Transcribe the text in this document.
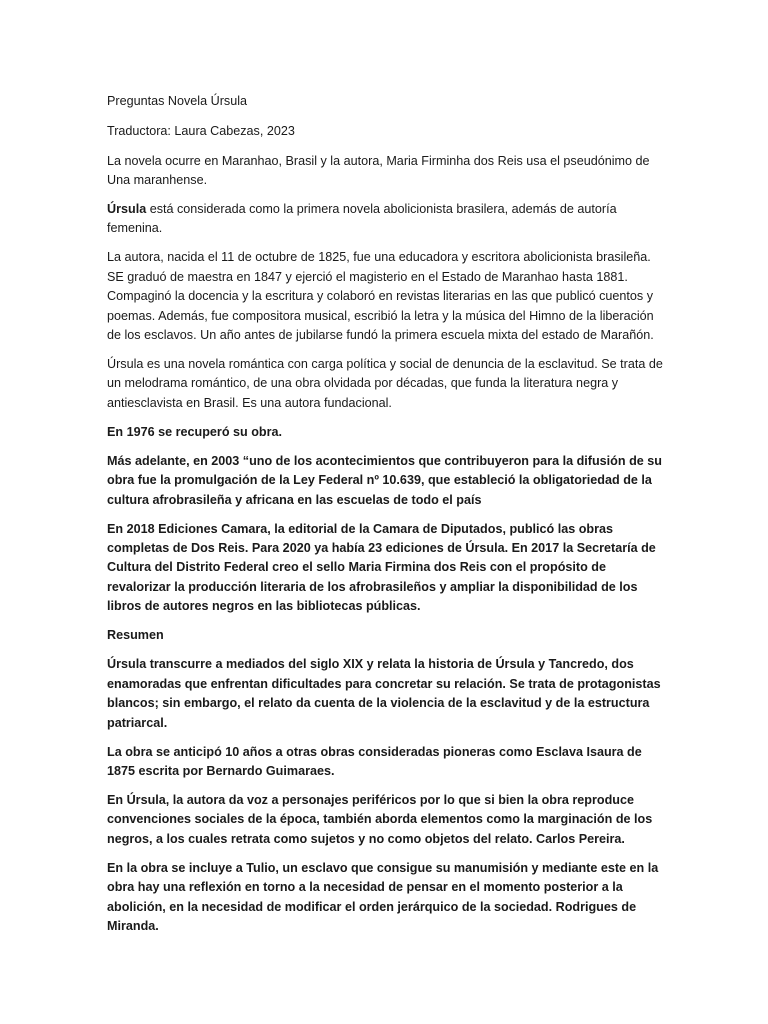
Preguntas Novela Úrsula

Traductora: Laura Cabezas, 2023

La novela ocurre en Maranhao, Brasil y la autora, Maria Firminha dos Reis usa el pseudónimo de Una maranhense.

Úrsula está considerada como la primera novela abolicionista brasilera, además de autoría femenina.

La autora, nacida el 11 de octubre de 1825, fue una educadora y escritora abolicionista brasileña. SE graduó de maestra en 1847 y ejerció el magisterio en el Estado de Maranhao hasta 1881. Compaginó la docencia y la escritura y colaboró en revistas literarias en las que publicó cuentos y poemas. Además, fue compositora musical, escribió la letra y la música del Himno de la liberación de los esclavos. Un año antes de jubilarse fundó la primera escuela mixta del estado de Marañón.

Úrsula es una novela romántica con carga política y social de denuncia de la esclavitud. Se trata de un melodrama romántico, de una obra olvidada por décadas, que funda la literatura negra y antiesclavista en Brasil. Es una autora fundacional.

En 1976 se recuperó su obra.

Más adelante, en 2003 “uno de los acontecimientos que contribuyeron para la difusión de su obra fue la promulgación de la Ley Federal nº 10.639, que estableció la obligatoriedad de la cultura afrobrasileña y africana en las escuelas de todo el país

En 2018 Ediciones Camara, la editorial de la Camara de Diputados, publicó las obras completas de Dos Reis. Para 2020 ya había 23 ediciones de Úrsula. En 2017 la Secretaría de Cultura del Distrito Federal creo el sello Maria Firmina dos Reis con el propósito de revalorizar la producción literaria de los afrobrasileños y ampliar la disponibilidad de los libros de autores negros en las bibliotecas públicas.

Resumen

Úrsula transcurre a mediados del siglo XIX y relata la historia de Úrsula y Tancredo, dos enamoradas que enfrentan dificultades para concretar su relación. Se trata de protagonistas blancos; sin embargo, el relato da cuenta de la violencia de la esclavitud y de la estructura patriarcal.

La obra se anticipó 10 años a otras obras consideradas pioneras como Esclava Isaura de 1875 escrita por Bernardo Guimaraes.

En Úrsula, la autora da voz a personajes periféricos por lo que si bien la obra reproduce convenciones sociales de la época, también aborda elementos como la marginación de los negros, a los cuales retrata como sujetos y no como objetos del relato. Carlos Pereira.

En la obra se incluye a Tulio, un esclavo que consigue su manumisión y mediante este en la obra hay una reflexión en torno a la necesidad de pensar en el momento posterior a la abolición, en la necesidad de modificar el orden jerárquico de la sociedad. Rodrigues de Miranda.
